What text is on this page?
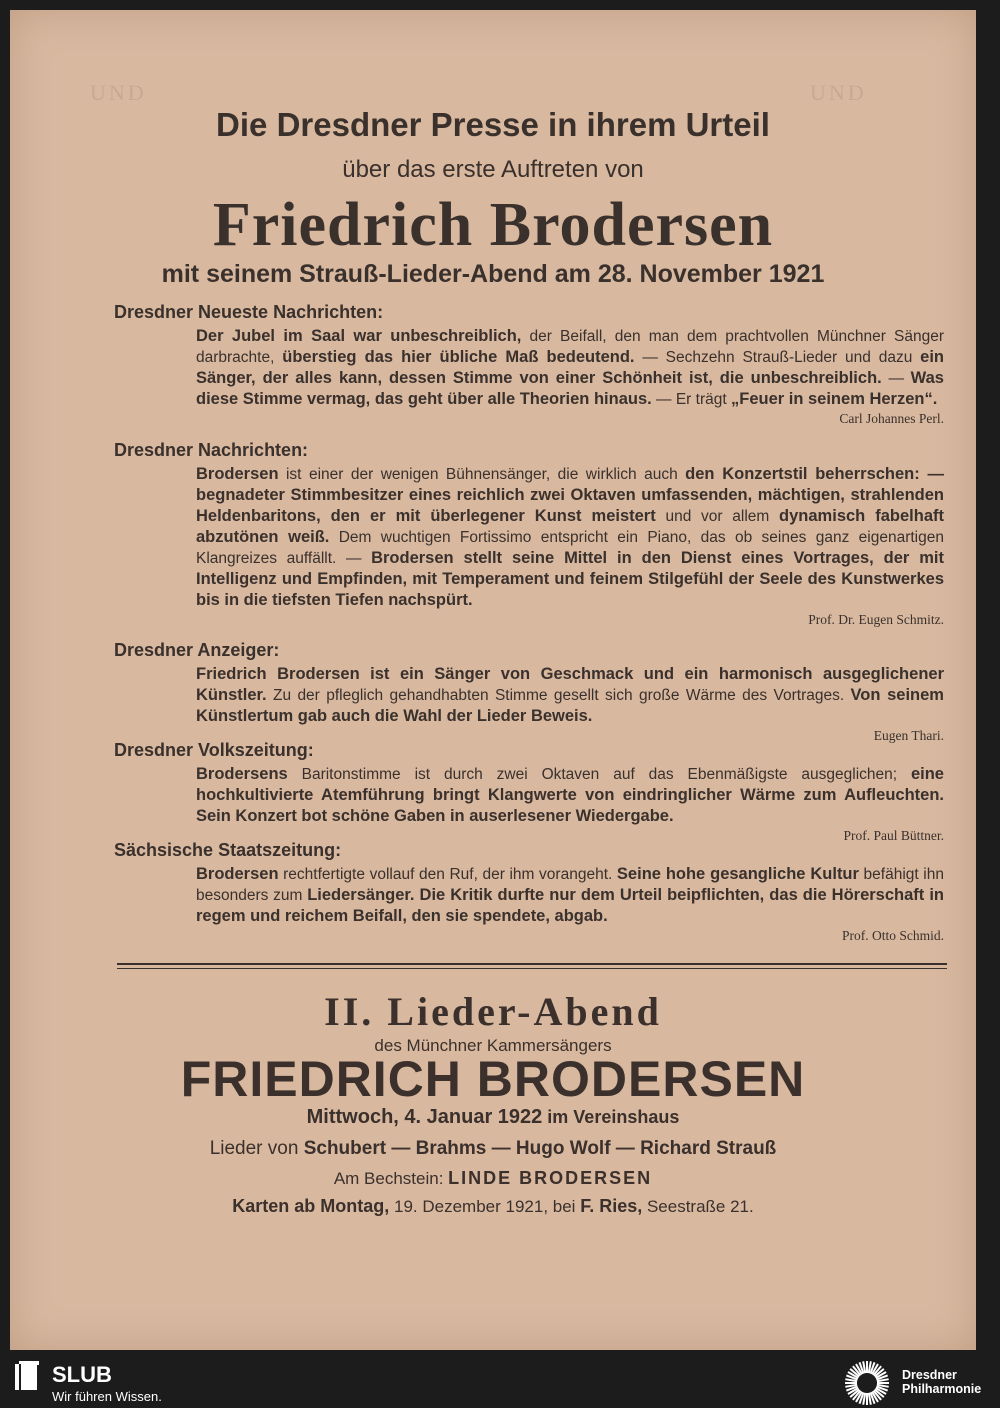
UND	UND
Die Dresdner Presse in ihrem Urteil
über das erste Auftreten von
Friedrich Brodersen
mit seinem Strauß-Lieder-Abend am 28. November 1921
Dresdner Neueste Nachrichten:
Der Jubel im Saal war unbeschreiblich, der Beifall, den man dem prachtvollen Münchner Sänger darbrachte, überstieg das hier übliche Maß bedeutend. — Sechzehn Strauß-Lieder und dazu ein Sänger, der alles kann, dessen Stimme von einer Schönheit ist, die unbeschreiblich. — Was diese Stimme vermag, das geht über alle Theorien hinaus. — Er trägt „Feuer in seinem Herzen“.
Carl Johannes Perl.
Dresdner Nachrichten:
Brodersen ist einer der wenigen Bühnensänger, die wirklich auch den Konzertstil beherrschen: — begnadeter Stimmbesitzer eines reichlich zwei Oktaven umfassenden, mächtigen, strahlenden Heldenbaritons, den er mit überlegener Kunst meistert und vor allem dynamisch fabelhaft abzutönen weiß. Dem wuchtigen Fortissimo entspricht ein Piano, das ob seines ganz eigenartigen Klangreizes auffällt. — Brodersen stellt seine Mittel in den Dienst eines Vortrages, der mit Intelligenz und Empfinden, mit Temperament und feinem Stilgefühl der Seele des Kunstwerkes bis in die tiefsten Tiefen nachspürt.
Prof. Dr. Eugen Schmitz.
Dresdner Anzeiger:
Friedrich Brodersen ist ein Sänger von Geschmack und ein harmonisch ausgeglichener Künstler. Zu der pfleglich gehandhabten Stimme gesellt sich große Wärme des Vortrages. Von seinem Künstlertum gab auch die Wahl der Lieder Beweis.
Eugen Thari.
Dresdner Volkszeitung:
Brodersens Baritonstimme ist durch zwei Oktaven auf das Ebenmäßigste ausgeglichen; eine hochkultivierte Atemführung bringt Klangwerte von eindringlicher Wärme zum Aufleuchten. Sein Konzert bot schöne Gaben in auserlesener Wiedergabe.
Prof. Paul Büttner.
Sächsische Staatszeitung:
Brodersen rechtfertigte vollauf den Ruf, der ihm vorangeht. Seine hohe gesangliche Kultur befähigt ihn besonders zum Liedersänger. Die Kritik durfte nur dem Urteil beipflichten, das die Hörerschaft in regem und reichem Beifall, den sie spendete, abgab.
Prof. Otto Schmid.
II. Lieder-Abend
des Münchner Kammersängers
FRIEDRICH BRODERSEN
Mittwoch, 4. Januar 1922 im Vereinshaus
Lieder von Schubert — Brahms — Hugo Wolf — Richard Strauß
Am Bechstein: LINDE BRODERSEN
Karten ab Montag, 19. Dezember 1921, bei F. Ries, Seestraße 21.
SLUB
Wir führen Wissen.
Dresdner
Philharmonie
